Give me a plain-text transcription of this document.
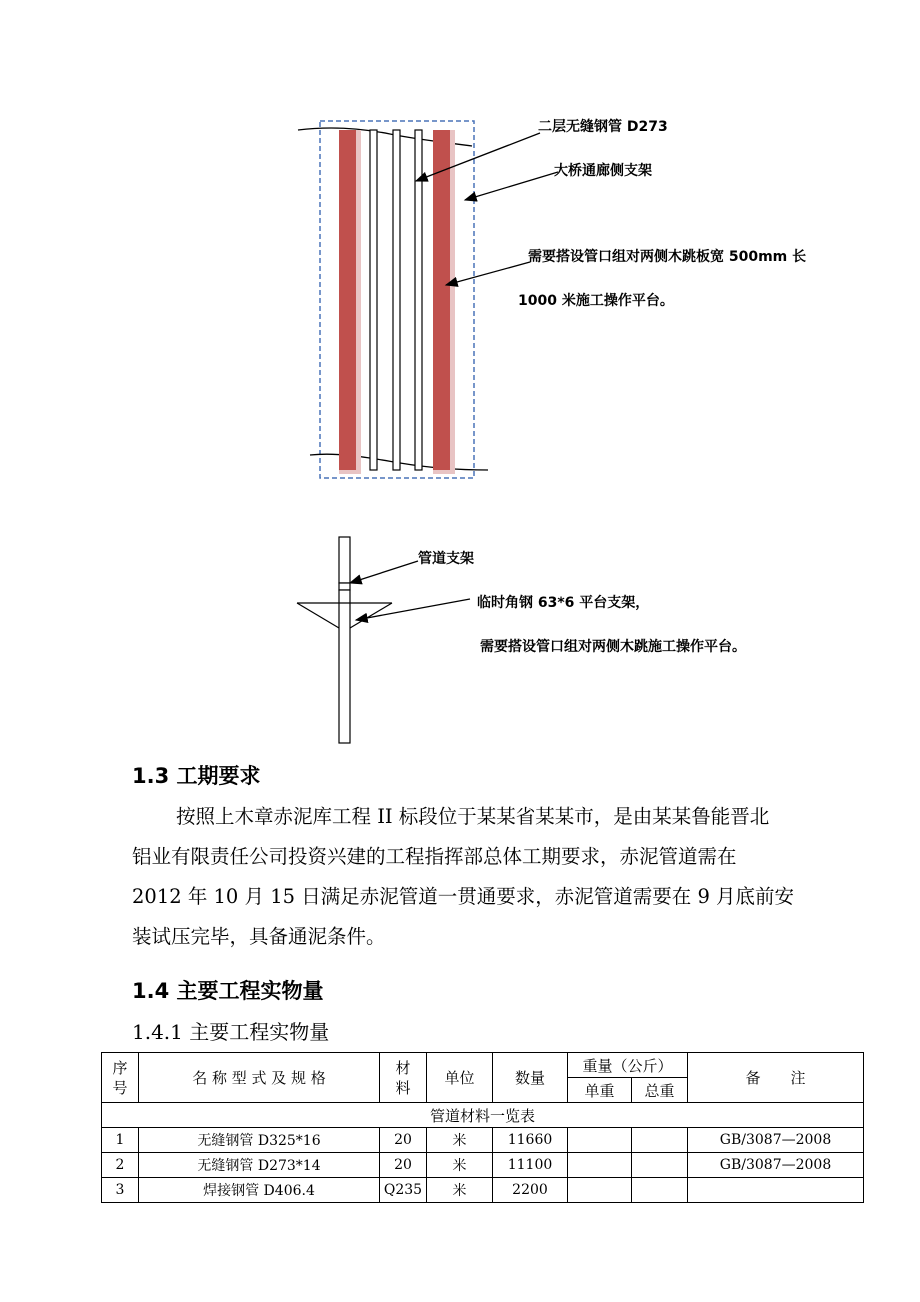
二层无缝钢管 D273
大桥通廊侧支架
需要搭设管口组对两侧木跳板宽 500mm 长
1000 米施工操作平台。
管道支架
临时角钢 63*6 平台支架，
需要搭设管口组对两侧木跳施工操作平台。
1.3 工期要求

按照上木章赤泥库工程 II 标段位于某某省某某市，是由某某鲁能晋北

铝业有限责任公司投资兴建的工程指挥部总体工期要求，赤泥管道需在

2012 年 10 月 15 日满足赤泥管道一贯通要求，赤泥管道需要在 9 月底前安

装试压完毕，具备通泥条件。

1.4 主要工程实物量
1.4.1 主要工程实物量
序
号	名 称 型 式 及 规 格	材
料	单位	数量	重量（公斤）		备　　注
					单重	总重	
管道材料一览表							
1	无缝钢管 D325*16	20	米	11660			GB/3087—2008
2	无缝钢管 D273*14	20	米	11100			GB/3087—2008
3	焊接钢管 D406.4	Q235	米	2200			
